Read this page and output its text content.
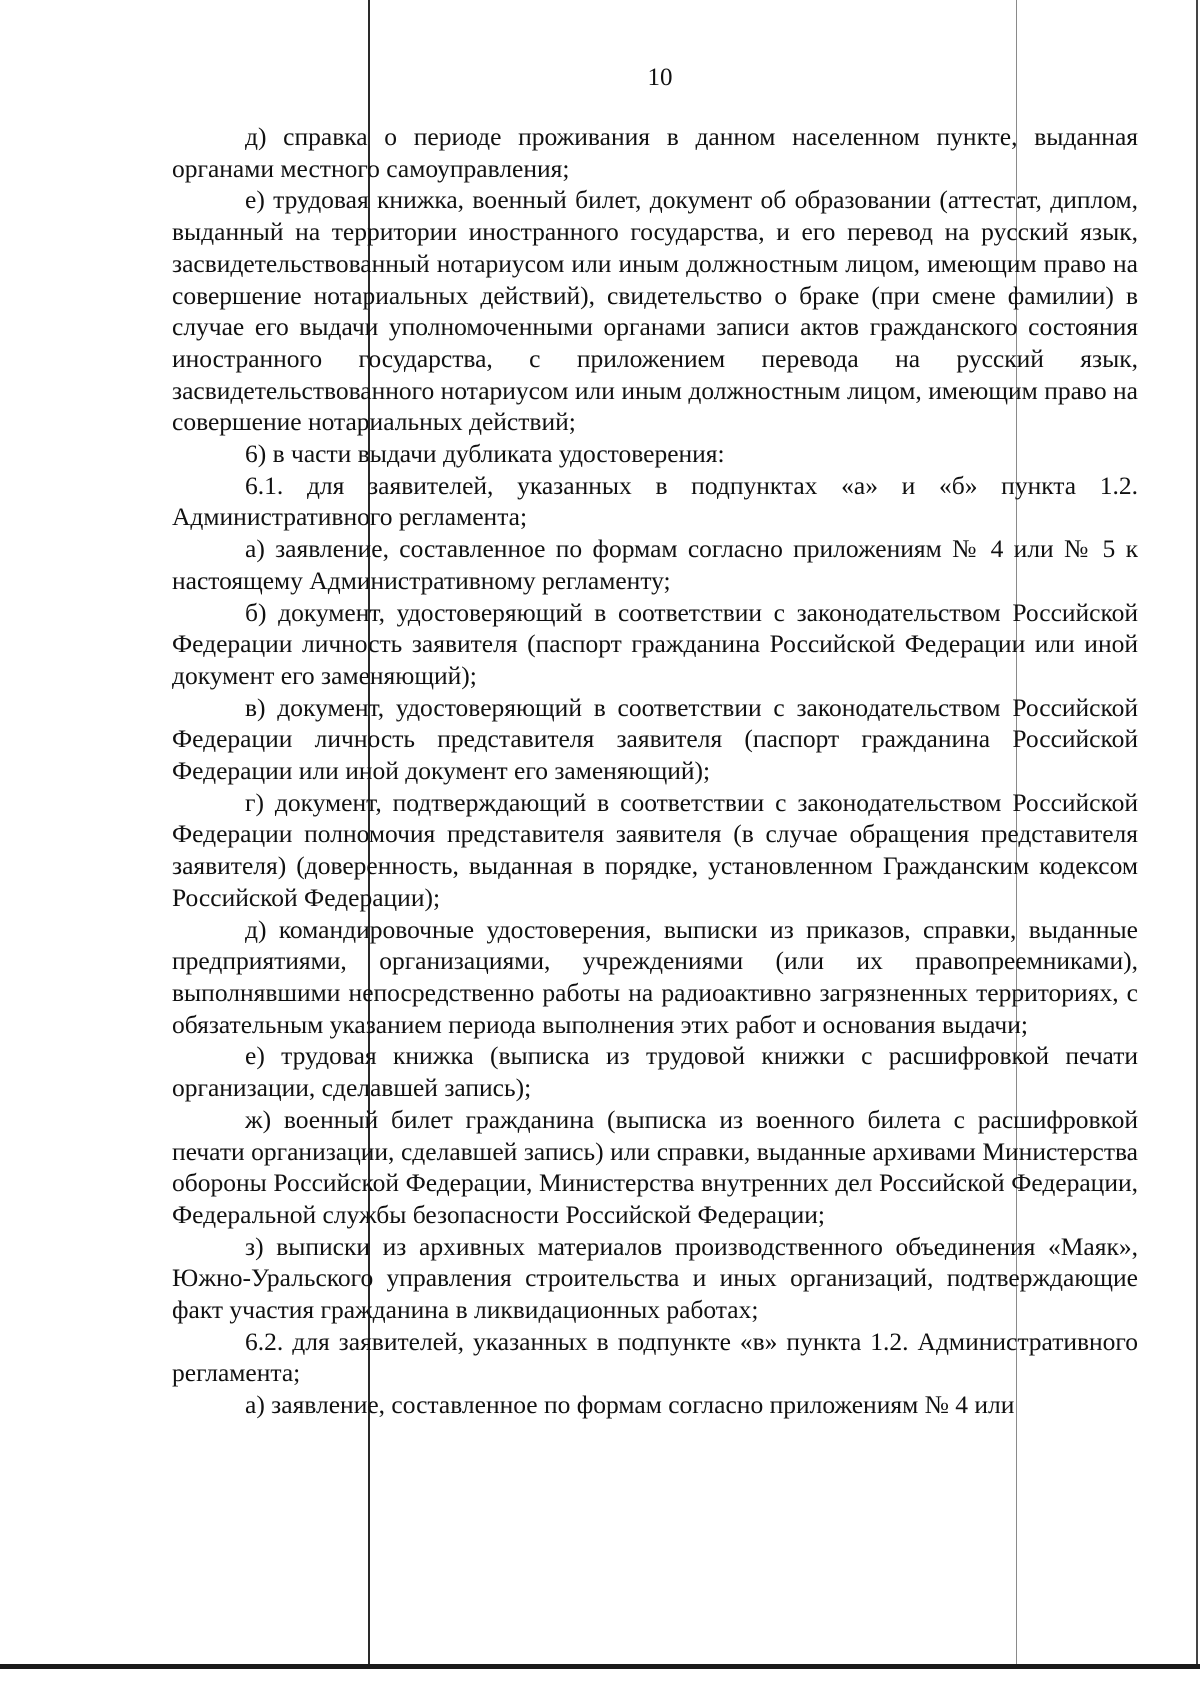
10

д) справка о периоде проживания в данном населенном пункте, выданная органами местного самоуправления;

е) трудовая книжка, военный билет, документ об образовании (аттестат, диплом, выданный на территории иностранного государства, и его перевод на русский язык, засвидетельствованный нотариусом или иным должностным лицом, имеющим право на совершение нотариальных действий), свидетельство о браке (при смене фамилии) в случае его выдачи уполномоченными органами записи актов гражданского состояния иностранного государства, с приложением перевода на русский язык, засвидетельствованного нотариусом или иным должностным лицом, имеющим право на совершение нотариальных действий;

6) в части выдачи дубликата удостоверения:

6.1. для заявителей, указанных в подпунктах «а» и «б» пункта 1.2. Административного регламента;

а) заявление, составленное по формам согласно приложениям № 4 или № 5 к настоящему Административному регламенту;

б) документ, удостоверяющий в соответствии с законодательством Российской Федерации личность заявителя (паспорт гражданина Российской Федерации или иной документ его заменяющий);

в) документ, удостоверяющий в соответствии с законодательством Российской Федерации личность представителя заявителя (паспорт гражданина Российской Федерации или иной документ его заменяющий);

г) документ, подтверждающий в соответствии с законодательством Российской Федерации полномочия представителя заявителя (в случае обращения представителя заявителя) (доверенность, выданная в порядке, установленном Гражданским кодексом Российской Федерации);

д) командировочные удостоверения, выписки из приказов, справки, выданные предприятиями, организациями, учреждениями (или их правопреемниками), выполнявшими непосредственно работы на радиоактивно загрязненных территориях, с обязательным указанием периода выполнения этих работ и основания выдачи;

е) трудовая книжка (выписка из трудовой книжки с расшифровкой печати организации, сделавшей запись);

ж) военный билет гражданина (выписка из военного билета с расшифровкой печати организации, сделавшей запись) или справки, выданные архивами Министерства обороны Российской Федерации, Министерства внутренних дел Российской Федерации, Федеральной службы безопасности Российской Федерации;

з) выписки из архивных материалов производственного объединения «Маяк», Южно-Уральского управления строительства и иных организаций, подтверждающие факт участия гражданина в ликвидационных работах;

6.2. для заявителей, указанных в подпункте «в» пункта 1.2. Административного регламента;

а) заявление, составленное по формам согласно приложениям № 4 или
